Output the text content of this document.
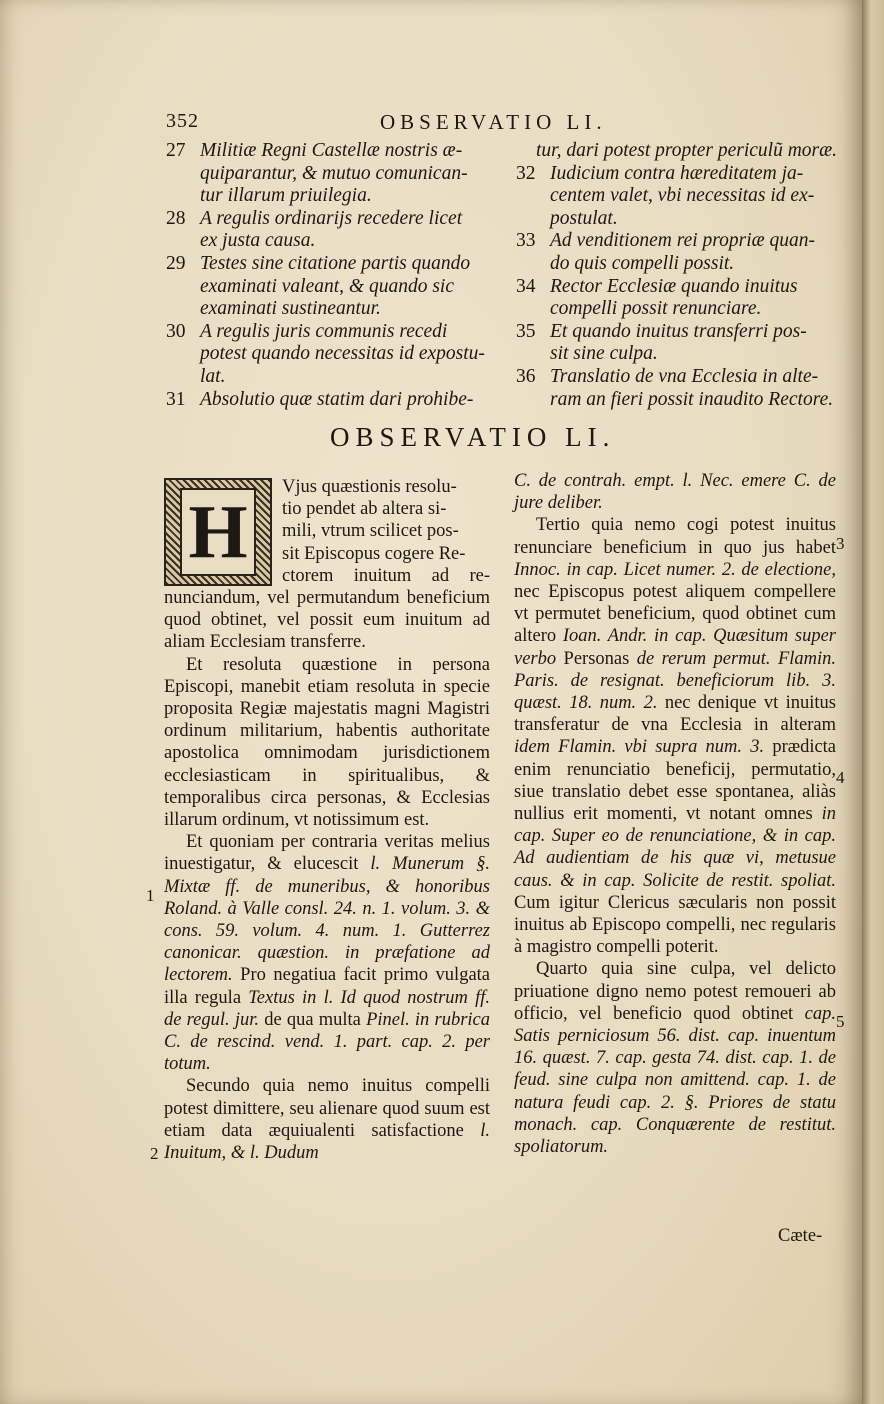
352	OBSERVATIO LI.
27 Militiæ Regni Castellæ nostris æ-
quiparantur, & mutuo comunican-
tur illarum priuilegia.
28 A regulis ordinarijs recedere licet
ex justa causa.
29 Testes sine citatione partis quando
examinati valeant, & quando sic
examinati sustineantur.
30 A regulis juris communis recedi
potest quando necessitas id expostu-
lat.
31 Absolutio quæ statim dari prohibe-
tur, dari potest propter periculũ moræ.
32 Iudicium contra hæreditatem ja-
centem valet, vbi necessitas id ex-
postulat.
33 Ad venditionem rei propriæ quan-
do quis compelli possit.
34 Rector Ecclesiæ quando inuitus
compelli possit renunciare.
35 Et quando inuitus transferri pos-
sit sine culpa.
36 Translatio de vna Ecclesia in alte-
ram an fieri possit inaudito Rectore.
OBSERVATIO LI.
H

Vjus quæstionis resolu-
tio pendet ab altera si-
mili, vtrum scilicet pos-
sit Episcopus cogere Re-
ctorem inuitum ad re- nunciandum, vel permutandum beneficium quod obtinet, vel possit eum inuitum ad aliam Ecclesiam transferre.

Et resoluta quæstione in persona Episcopi, manebit etiam resoluta in specie proposita Regiæ majestatis magni Magistri ordinum militarium, habentis authoritate apostolica omnimodam jurisdictionem ecclesiasticam in spiritualibus, & temporalibus circa personas, & Ecclesias illarum ordinum, vt notissimum est.

Et quoniam per contraria veritas melius inuestigatur, & elucescit l. Munerum §. Mixtæ ff. de muneribus, & honoribus Roland. à Valle consl. 24. n. 1. volum. 3. & cons. 59. volum. 4. num. 1. Gutterrez canonicar. quæstion. in præfatione ad lectorem. Pro negatiua facit primo vulgata illa regula Textus in l. Id quod nostrum ff. de regul. jur. de qua multa Pinel. in rubrica C. de rescind. vend. 1. part. cap. 2. per totum.

Secundo quia nemo inuitus compelli potest dimittere, seu alienare quod suum est etiam data æquiualenti satisfactione l. Inuitum, & l. Dudum

C. de contrah. empt. l. Nec. emere C. de jure deliber.

Tertio quia nemo cogi potest inuitus renunciare beneficium in quo jus habet Innoc. in cap. Licet numer. 2. de electione, nec Episcopus potest aliquem compellere vt permutet beneficium, quod obtinet cum altero Ioan. Andr. in cap. Quæsitum super verbo Personas de rerum permut. Flamin. Paris. de resignat. beneficiorum lib. 3. quæst. 18. num. 2. nec denique vt inuitus transferatur de vna Ecclesia in alteram idem Flamin. vbi supra num. 3. prædicta enim renunciatio beneficij, permutatio, siue translatio debet esse spontanea, aliàs nullius erit momenti, vt notant omnes in cap. Super eo de renunciatione, & in cap. Ad audientiam de his quæ vi, metusue caus. & in cap. Solicite de restit. spoliat. Cum igitur Clericus sæcularis non possit inuitus ab Episcopo compelli, nec regularis à magistro compelli poterit.

Quarto quia sine culpa, vel delicto priuatione digno nemo potest remoueri ab officio, vel beneficio quod obtinet cap. Satis perniciosum 56. dist. cap. inuentum 16. quæst. 7. cap. gesta 74. dist. cap. 1. de feud. sine culpa non amittend. cap. 1. de natura feudi cap. 2. §. Priores de statu monach. cap. Conquærente de restitut. spoliatorum.

1
2
3
4
5
Cæte-
